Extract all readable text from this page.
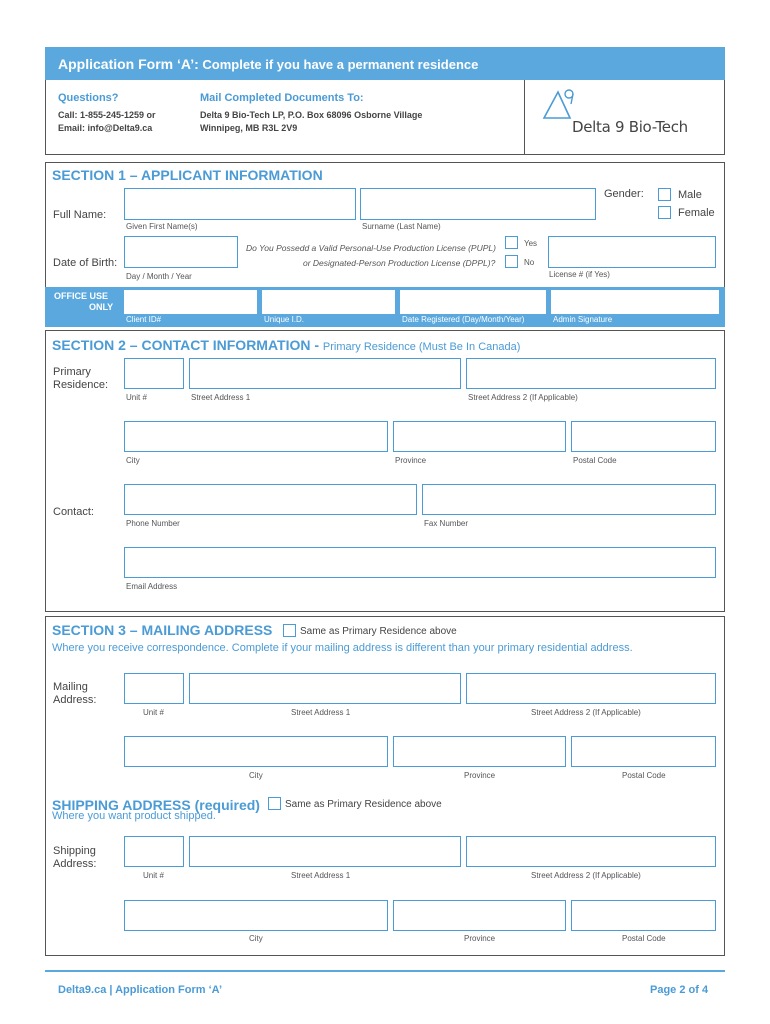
Application Form ‘A’: Complete if you have a permanent residence
Questions?
Call: 1-855-245-1259 or
Email: info@Delta9.ca
Mail Completed Documents To:
Delta 9 Bio-Tech LP, P.O. Box 68096 Osborne Village
Winnipeg, MB R3L 2V9	Delta 9 Bio-Tech
SECTION 1 – APPLICANT INFORMATION
Gender:	Male
Female
Full Name:
Given First Name(s)	Surname (Last Name)
Do You Possedd a Valid Personal-Use Production License (PUPL)
or Designated-Person Production License (DPPL)?
Yes
No
License # (if Yes)
Date of Birth:
Day / Month / Year
OFFICE USE
ONLY
Client ID#	Unique I.D.	Date Registered (Day/Month/Year)	Admin Signature
SECTION 2 – CONTACT INFORMATION - Primary Residence (Must Be In Canada)
Primary
Residence:
Unit #	Street Address 1	Street Address 2 (If Applicable)
City	Province	Postal Code
Contact:
Phone Number	Fax Number
Email Address
SECTION 3 – MAILING ADDRESS	Same as Primary Residence above
Where you receive correspondence. Complete if your mailing address is different than your primary residential address.
Mailing
Address:
Unit #	Street Address 1	Street Address 2 (If Applicable)
City	Province	Postal Code
SHIPPING ADDRESS (required)	Same as Primary Residence above
Where you want product shipped.
Shipping
Address:
Unit #	Street Address 1	Street Address 2 (If Applicable)
City	Province	Postal Code
Delta9.ca | Application Form ‘A’	Page 2 of 4
